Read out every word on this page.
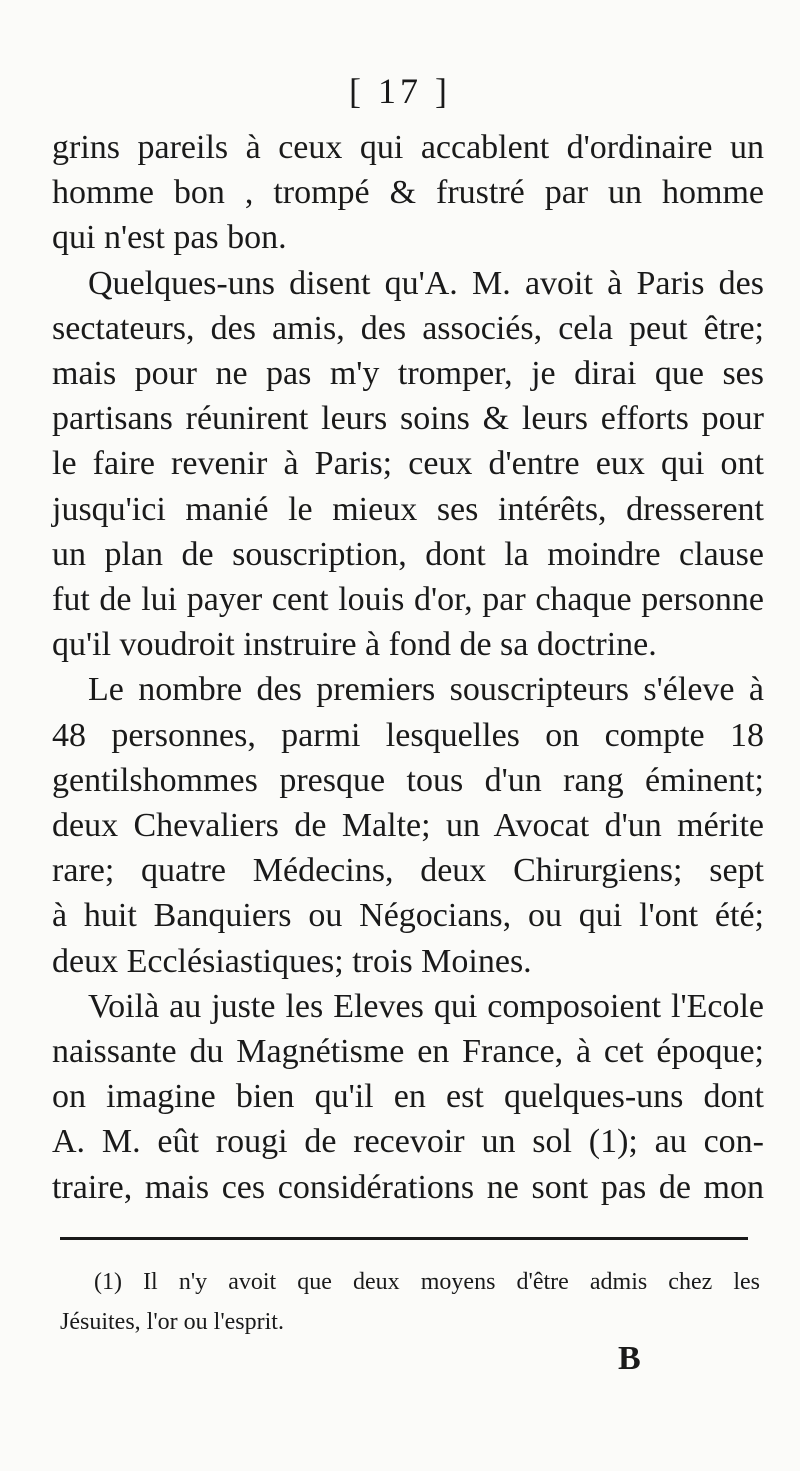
[ 17 ]
grins pareils à ceux qui accablent d'ordinaire un
homme bon , trompé & frustré par un homme
qui n'est pas bon.
Quelques-uns disent qu'A. M. avoit à Paris des
sectateurs, des amis, des associés, cela peut être;
mais pour ne pas m'y tromper, je dirai que ses
partisans réunirent leurs soins & leurs efforts pour
le faire revenir à Paris; ceux d'entre eux qui ont
jusqu'ici manié le mieux ses intérêts, dresserent
un plan de souscription, dont la moindre clause
fut de lui payer cent louis d'or, par chaque personne
qu'il voudroit instruire à fond de sa doctrine.
Le nombre des premiers souscripteurs s'éleve à
48 personnes, parmi lesquelles on compte 18
gentilshommes presque tous d'un rang éminent;
deux Chevaliers de Malte; un Avocat d'un mérite
rare; quatre Médecins, deux Chirurgiens; sept
à huit Banquiers ou Négocians, ou qui l'ont été;
deux Ecclésiastiques; trois Moines.
Voilà au juste les Eleves qui composoient l'Ecole
naissante du Magnétisme en France, à cet époque;
on imagine bien qu'il en est quelques-uns dont
A. M. eût rougi de recevoir un sol (1); au con-
traire, mais ces considérations ne sont pas de mon
(1) Il n'y avoit que deux moyens d'être admis chez les
Jésuites, l'or ou l'esprit.
B
